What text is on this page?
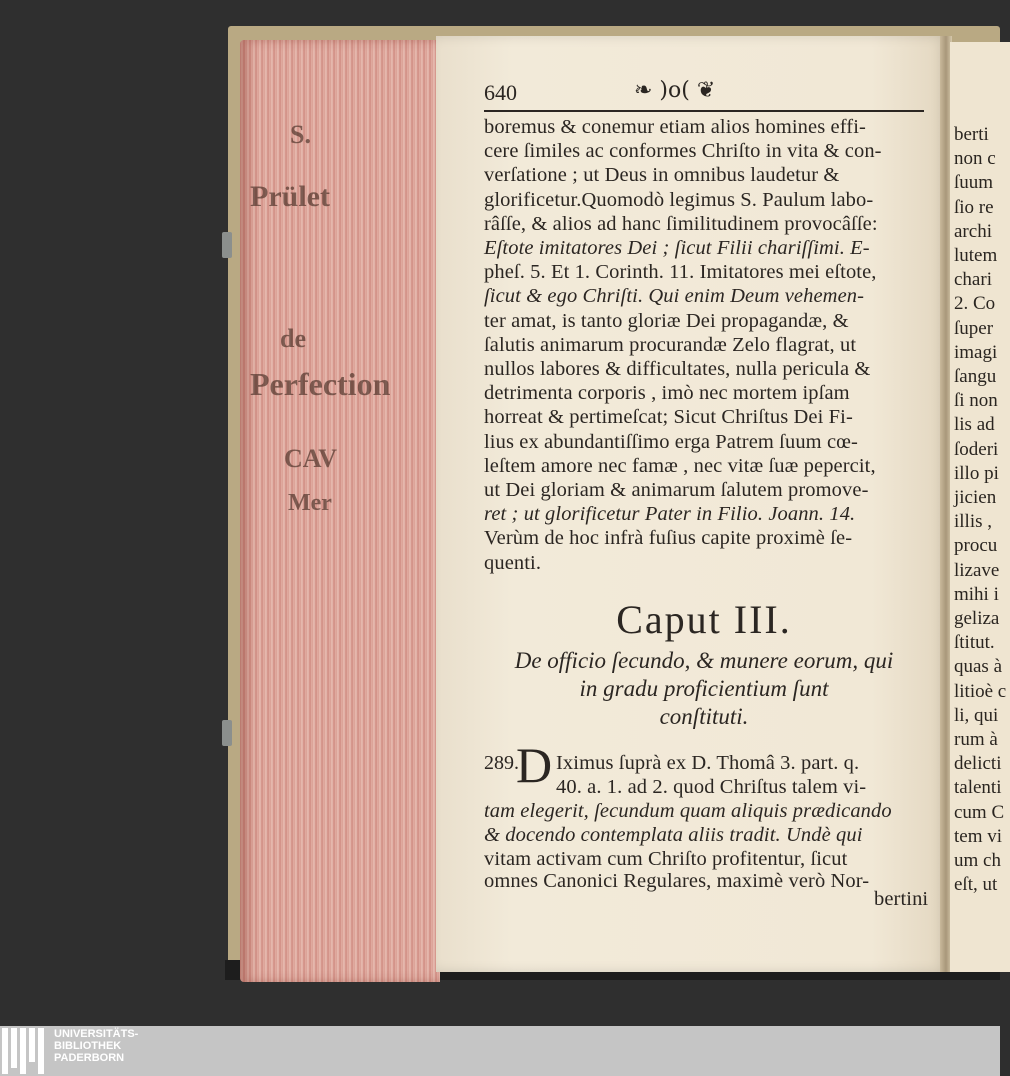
S.
Prület
de
Perfection
CAV
Mer
berti
non c
ſuum
ſio re
archi
lutem
chari
2. Co
ſuper
imagi
ſangu
ſi non
lis ad
ſoderi
illo pi
jicien
illis ,
procu
lizave
mihi i
geliza
ſtitut.
quas à
litioè c
li, qui
rum à
delicti
talenti
cum C
tem vi
um ch
eſt, ut
640	❧ )o( ❦
boremus & conemur etiam alios homines effi-
cere ſimiles ac conformes Chriſto in vita & con-
verſatione ; ut Deus in omnibus laudetur &
glorificetur.Quomodò legimus S. Paulum labo-
râſſe, & alios ad hanc ſimilitudinem provocâſſe:
Eſtote imitatores Dei ; ſicut Filii chariſſimi. E-
pheſ. 5. Et 1. Corinth. 11. Imitatores mei eſtote,
ſicut & ego Chriſti. Qui enim Deum vehemen-
ter amat, is tanto gloriæ Dei propagandæ, &
ſalutis animarum procurandæ Zelo flagrat, ut
nullos labores & difficultates, nulla pericula &
detrimenta corporis , imò nec mortem ipſam
horreat & pertimeſcat; Sicut Chriſtus Dei Fi-
lius ex abundantiſſimo erga Patrem ſuum cœ-
leſtem amore nec famæ , nec vitæ ſuæ pepercit,
ut Dei gloriam & animarum ſalutem promove-
ret ; ut glorificetur Pater in Filio. Joann. 14.
Verùm de hoc infrà fuſius capite proximè ſe-
quenti.
Caput III.
De officio ſecundo, & munere eorum, qui
in gradu proficientium ſunt
conſtituti.
289.
D Iximus ſuprà ex D. Thomâ 3. part. q.
40. a. 1. ad 2. quod Chriſtus talem vi-
tam elegerit, ſecundum quam aliquis prædicando
& docendo contemplata aliis tradit. Undè qui
vitam activam cum Chriſto profitentur, ſicut
omnes Canonici Regulares, maximè verò Nor-
bertini
UNIVERSITÄTS-
BIBLIOTHEK
PADERBORN
